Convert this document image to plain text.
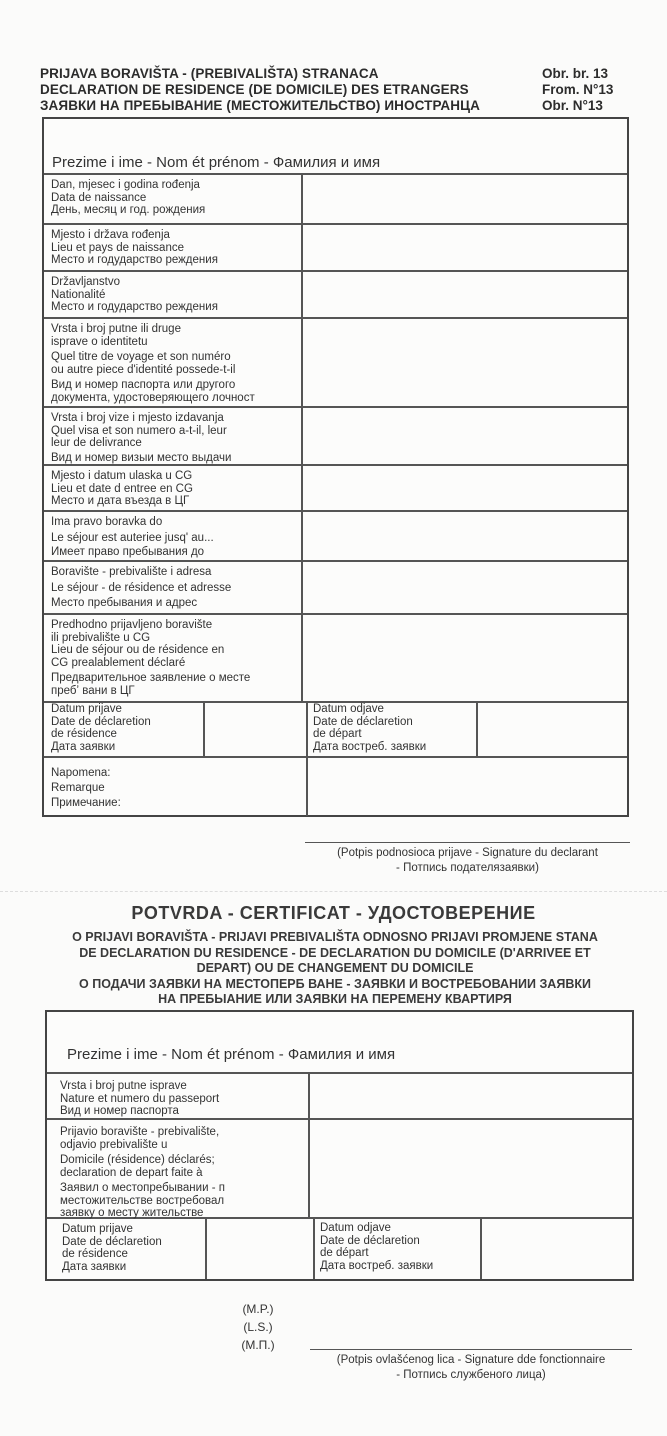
PRIJAVA BORAVIŠTA - (PREBIVALIŠTA) STRANACA
DECLARATION DE RESIDENCE (DE DOMICILE) DES ETRANGERS
ЗАЯВКИ НА ПРЕБЫВАНИЕ (МЕСТОЖИТЕЛЬСТВО) ИНОСТРАНЦА
Obr. br. 13
From. N°13
Obr. N°13
Prezime i ime - Nom ét prénom - Фамилия и имя
Dan, mjesec i godina rođenja
Data de naissance
День, месяц и год. рождения
Mjesto i država rođenja
Lieu et pays de naissance
Место и годударство реждения
Državljanstvo
Nationalité
Место и годударство реждения
Vrsta i broj putne ili druge
isprave o identitetu
Quel titre de voyage et son numéro
ou autre piece d'identité possede-t-il
Вид и номер паспорта или другого
документа, удостоверяющего лочност
Vrsta i broj vize i mjesto izdavanja
Quel visa et son numero a-t-il, leur
leur de delivrance
Вид и номер визыи место выдачи
Mjesto i datum ulaska u CG
Lieu et date d entree en CG
Место и дата въезда в ЦГ
Ima pravo boravka do
Le séjour est auteriee jusq' au...
Имеет право пребывания до
Boravište - prebivalište i adresa
Le séjour - de résidence et adresse
Место пребывания и адрес
Predhodno prijavljeno boravište
ili prebivalište u CG
Lieu de séjour ou de résidence en
CG prealablement déclaré
Предварительное заявление о месте
пребʼ вани в ЦГ
Datum prijave
Date de déclaretion
de résidence
Дата заявки
Datum odjave
Date de déclaretion
de départ
Дата востреб. заявки
Napomena:
Remarque
Примечание:
(Potpis podnosioca prijave - Signature du declarant
- Потпись подателязаявки)
POTVRDA - CERTIFICAT - УДОСТОВЕРЕНИЕ
O PRIJAVI BORAVIŠTA - PRIJAVI PREBIVALIŠTA ODNOSNO PRIJAVI PROMJENE STANA
DE DECLARATION DU RESIDENCE - DE DECLARATION DU DOMICILE (D'ARRIVEE ET
DEPART) OU DE CHANGEMENT DU DOMICILE
О ПОДАЧИ ЗАЯВКИ НА МЕСТОПЕРБ ВАНЕ - ЗАЯВКИ И ВОСТРЕБОВАНИИ ЗАЯВКИ
НА ПРЕБЫАНИЕ ИЛИ ЗАЯВКИ НА ПЕРЕМЕНУ КВАРТИРЯ
Prezime i ime - Nom ét prénom - Фамилия и имя
Vrsta i broj putne isprave
Nature et numero du passeport
Вид и номер паспорта
Prijavio boravište - prebivalište,
odjavio prebivalište u
Domicile (résidence) déclarés;
declaration de depart faite à
Заявил о местопребывании - п
местожительстве востребовал
заявку о месту жительстве
Datum prijave
Date de déclaretion
de résidence
Дата заявки
Datum odjave
Date de déclaretion
de départ
Дата востреб. заявки
(M.P.)
(L.S.)
(M.П.)
(Potpis ovlašćenog lica - Signature dde fonctionnaire
- Потпись службеного лица)
